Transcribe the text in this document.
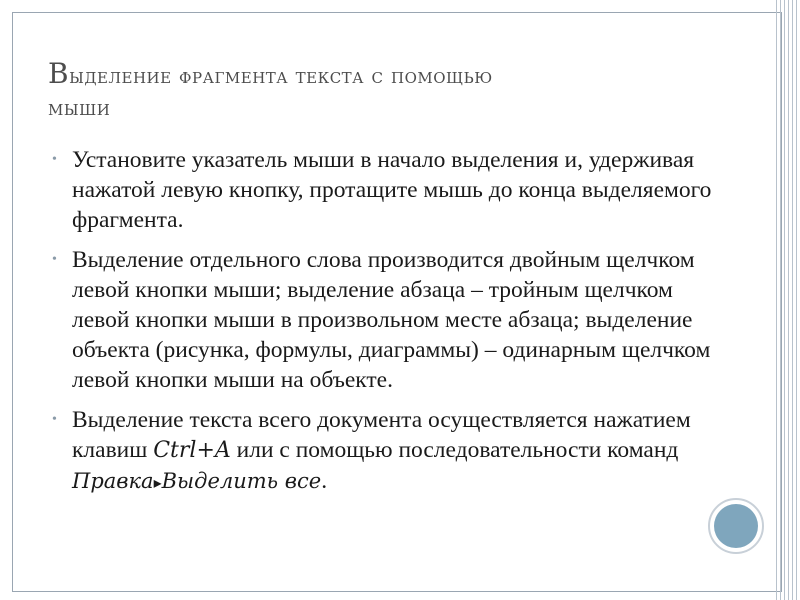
Выделение фрагмента текста с помощью
мыши
• Установите указатель мыши в начало выделения и, удерживая нажатой левую кнопку, протащите мышь до конца выделяемого фрагмента.
• Выделение отдельного слова производится двойным щелчком левой кнопки мыши; выделение абзаца – тройным щелчком левой кнопки мыши в произвольном месте абзаца; выделение объекта (рисунка, формулы, диаграммы) – одинарным щелчком левой кнопки мыши на объекте.
• Выделение текста всего документа осуществляется нажатием клавиш Ctrl+A или с помощью последовательности команд Правка▸Выделить все.
